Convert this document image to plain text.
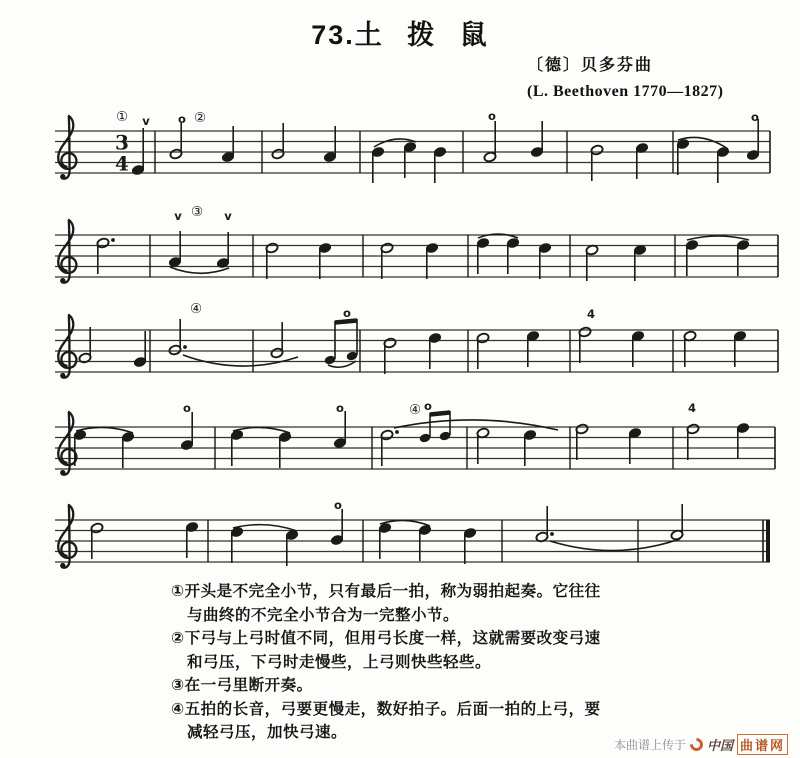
73.土 拨 鼠
〔德〕贝多芬曲
(L. Beethoven 1770—1827)
3
4
① v o ②	o	o
v ③ v
④	o	4
o	o	④ o	4
o
①开头是不完全小节，只有最后一拍，称为弱拍起奏。它往往
与曲终的不完全小节合为一完整小节。
②下弓与上弓时值不同，但用弓长度一样，这就需要改变弓速
和弓压，下弓时走慢些，上弓则快些轻些。
③在一弓里断开奏。
④五拍的长音，弓要更慢走，数好拍子。后面一拍的上弓，要
减轻弓压，加快弓速。
本曲谱上传于 中国 曲谱网
